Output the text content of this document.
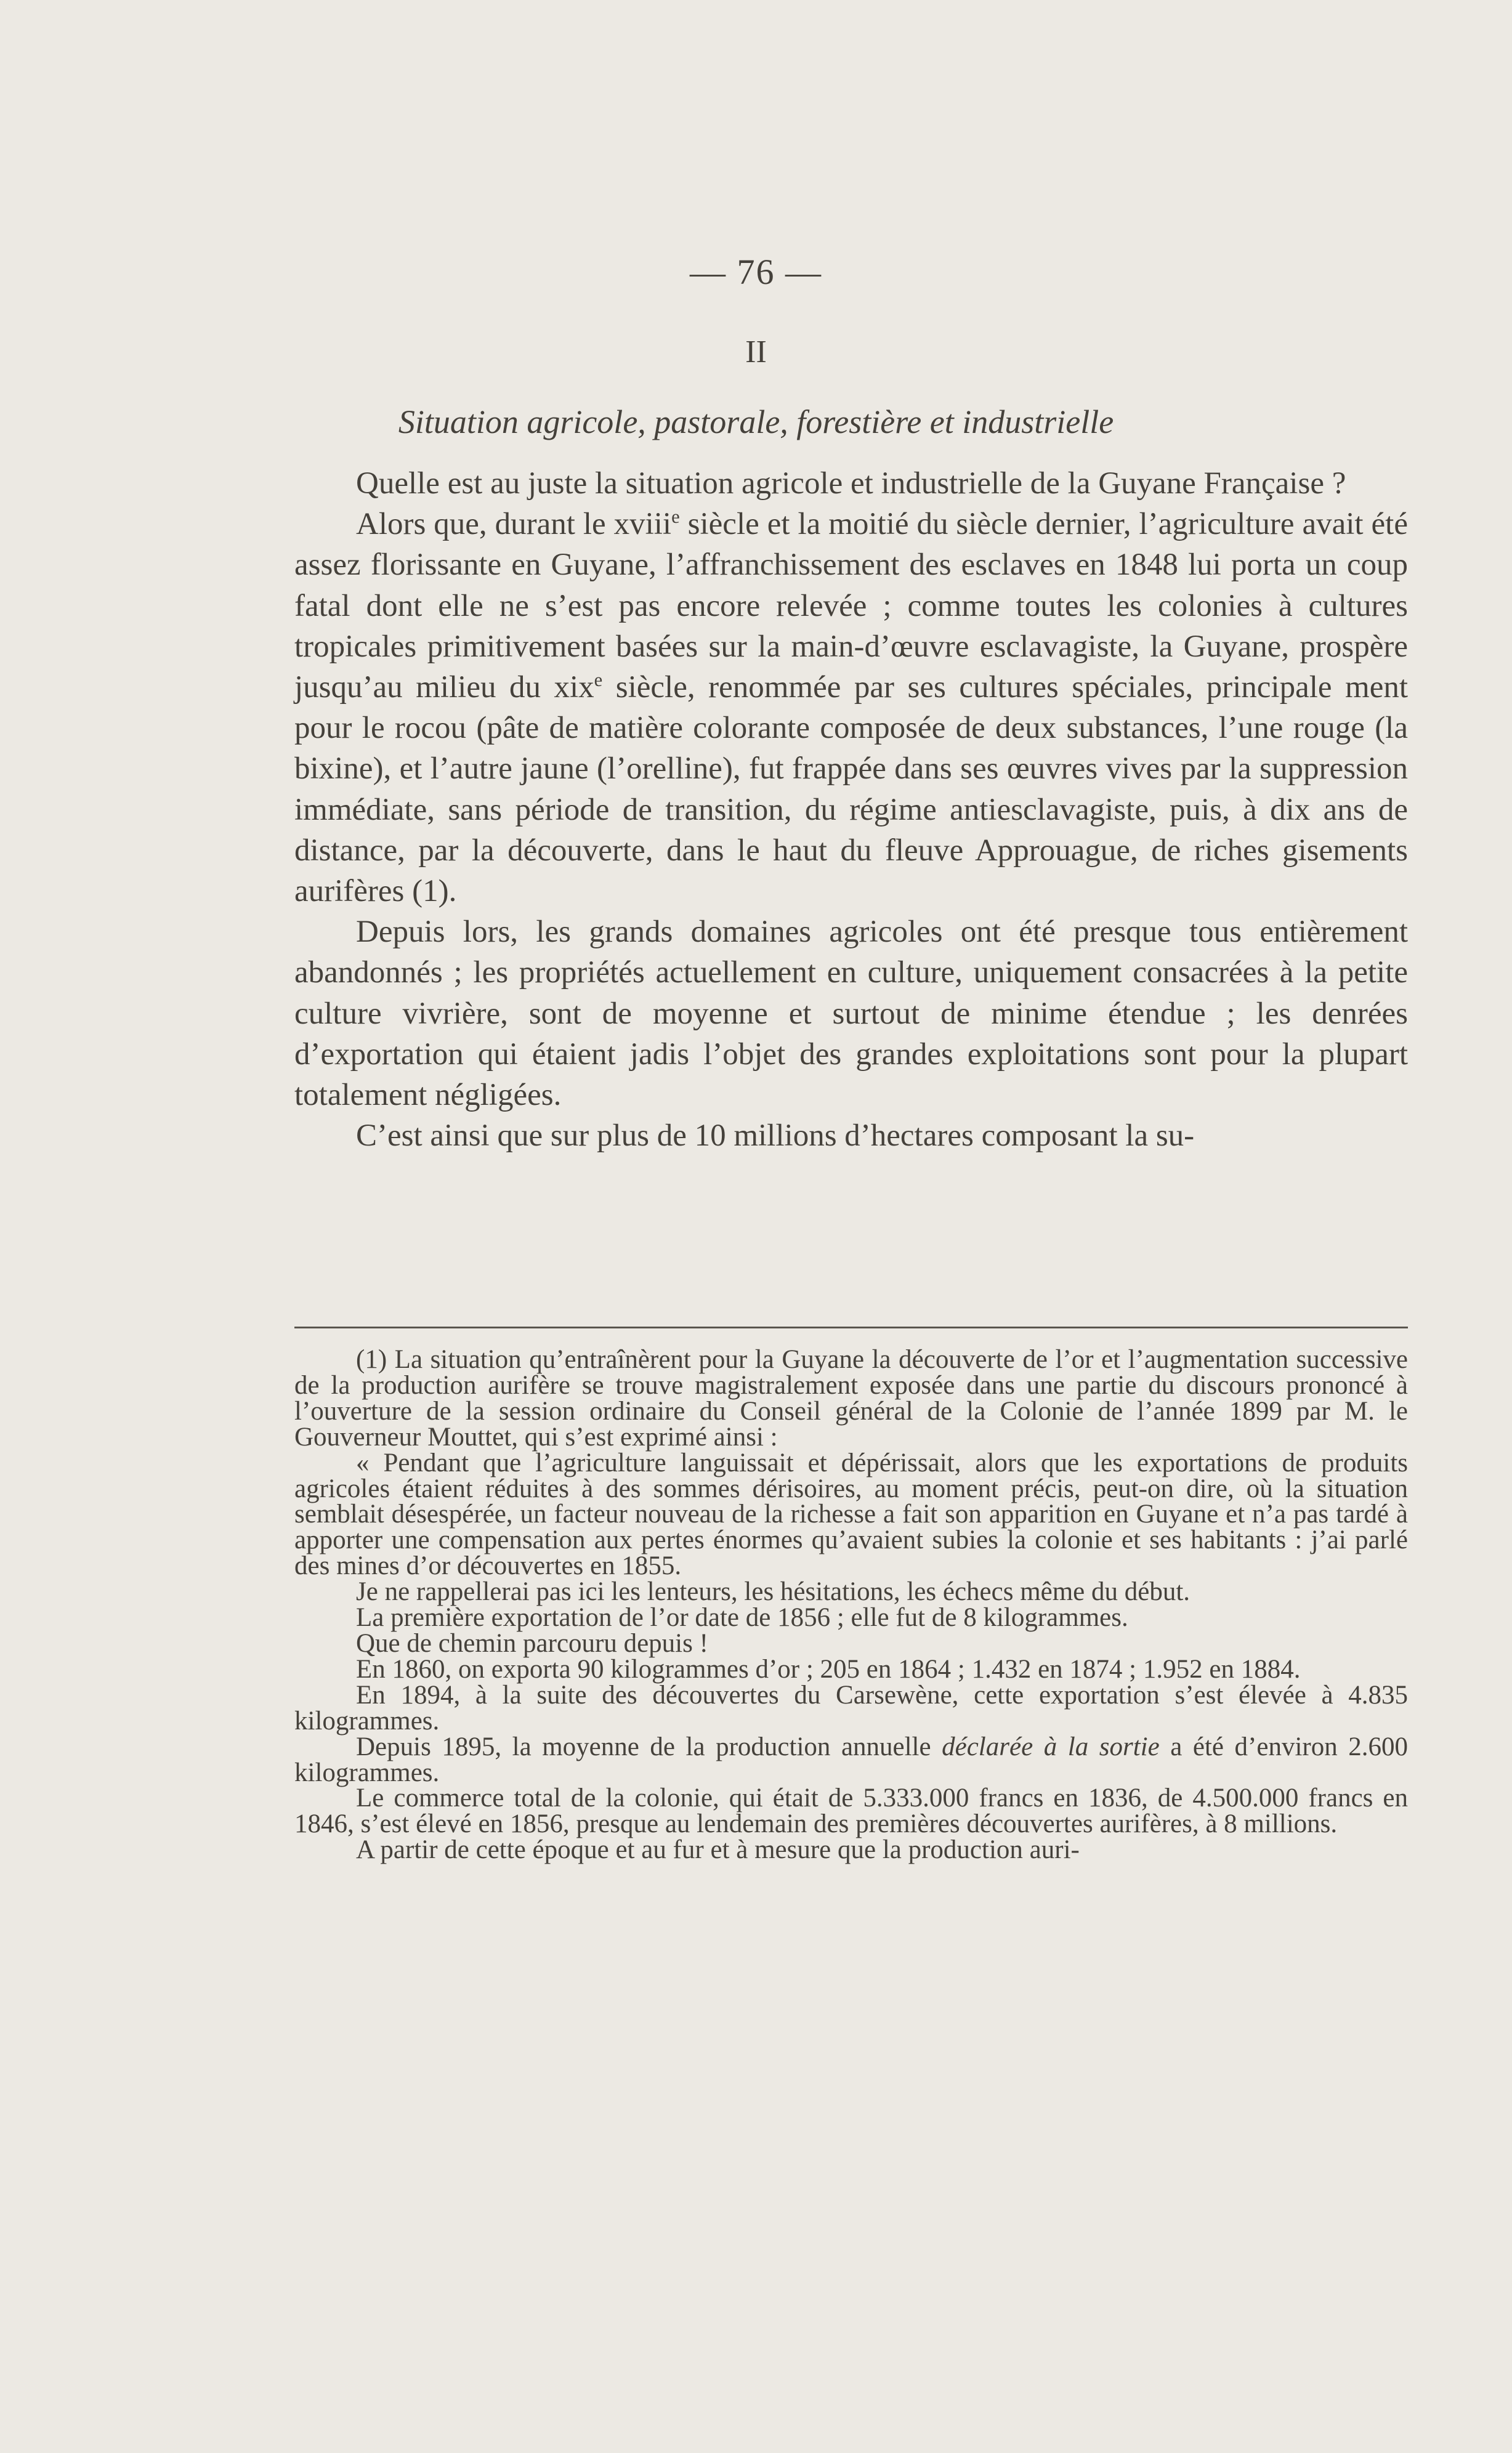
— 76 —
II
Situation agricole, pastorale, forestière et industrielle

Quelle est au juste la situation agricole et industrielle de la Guyane Française ?

Alors que, durant le xviii$^e$ siècle et la moitié du siècle dernier, l’agriculture avait été assez florissante en Guyane, l’affranchissement des esclaves en 1848 lui porta un coup fatal dont elle ne s’est pas encore relevée ; comme toutes les colonies à cultures tropicales primitivement basées sur la main-d’œuvre esclavagiste, la Guyane, prospère jusqu’au milieu du xix$^e$ siècle, renommée par ses cultures spéciales, principale ment pour le rocou (pâte de matière colorante composée de deux substances, l’une rouge (la bixine), et l’autre jaune (l’orelline), fut frappée dans ses œuvres vives par la suppression immédiate, sans période de transition, du régime antiesclavagiste, puis, à dix ans de distance, par la découverte, dans le haut du fleuve Approuague, de riches gisements aurifères (1).

Depuis lors, les grands domaines agricoles ont été presque tous entièrement abandonnés ; les propriétés actuellement en culture, uniquement consacrées à la petite culture vivrière, sont de moyenne et surtout de minime étendue ; les denrées d’exportation qui étaient jadis l’objet des grandes exploitations sont pour la plupart totalement négligées.

C’est ainsi que sur plus de 10 millions d’hectares composant la su-

(1) La situation qu’entraînèrent pour la Guyane la découverte de l’or et l’augmentation successive de la production aurifère se trouve magistralement exposée dans une partie du discours prononcé à l’ouverture de la session ordinaire du Conseil général de la Colonie de l’année 1899 par M. le Gouverneur Mouttet, qui s’est exprimé ainsi :

« Pendant que l’agriculture languissait et dépérissait, alors que les exportations de produits agricoles étaient réduites à des sommes dérisoires, au moment précis, peut-on dire, où la situation semblait désespérée, un facteur nouveau de la richesse a fait son apparition en Guyane et n’a pas tardé à apporter une compensation aux pertes énormes qu’avaient subies la colonie et ses habitants : j’ai parlé des mines d’or découvertes en 1855.

Je ne rappellerai pas ici les lenteurs, les hésitations, les échecs même du début.

La première exportation de l’or date de 1856 ; elle fut de 8 kilogrammes.

Que de chemin parcouru depuis !

En 1860, on exporta 90 kilogrammes d’or ; 205 en 1864 ; 1.432 en 1874 ; 1.952 en 1884.

En 1894, à la suite des découvertes du Carsewène, cette exportation s’est élevée à 4.835 kilogrammes.

Depuis 1895, la moyenne de la production annuelle déclarée à la sortie a été d’environ 2.600 kilogrammes.

Le commerce total de la colonie, qui était de 5.333.000 francs en 1836, de 4.500.000 francs en 1846, s’est élevé en 1856, presque au lendemain des premières découvertes aurifères, à 8 millions.

A partir de cette époque et au fur et à mesure que la production auri-
